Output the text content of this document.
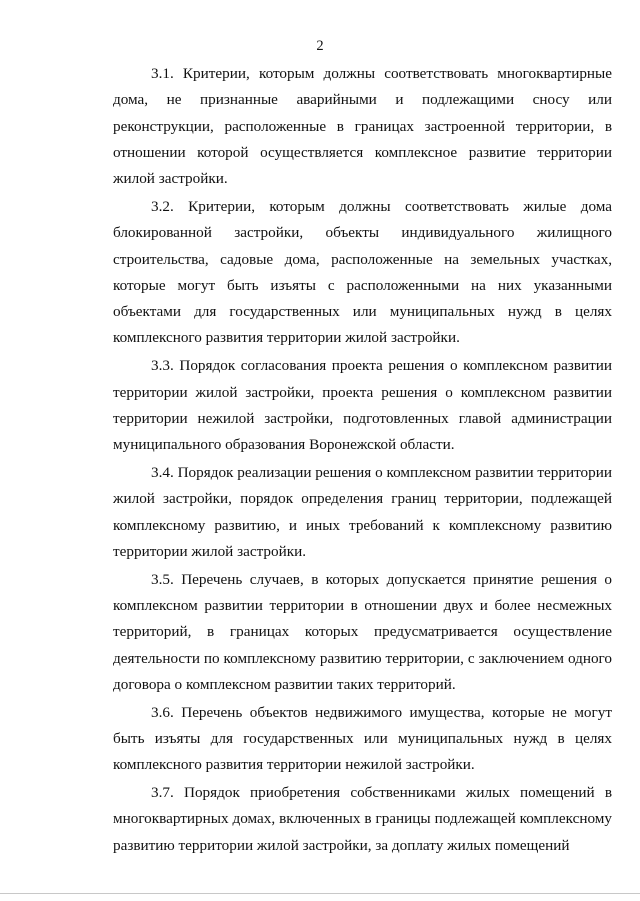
2

3.1. Критерии, которым должны соответствовать многоквартирные дома, не признанные аварийными и подлежащими сносу или реконструкции, расположенные в границах застроенной территории, в отношении которой осуществляется комплексное развитие территории жилой застройки.

3.2. Критерии, которым должны соответствовать жилые дома блокированной застройки, объекты индивидуального жилищного строительства, садовые дома, расположенные на земельных участках, которые могут быть изъяты с расположенными на них указанными объектами для государственных или муниципальных нужд в целях комплексного развития территории жилой застройки.

3.3. Порядок согласования проекта решения о комплексном развитии территории жилой застройки, проекта решения о комплексном развитии территории нежилой застройки, подготовленных главой администрации муниципального образования Воронежской области.

3.4. Порядок реализации решения о комплексном развитии территории жилой застройки, порядок определения границ территории, подлежащей комплексному развитию, и иных требований к комплексному развитию территории жилой застройки.

3.5. Перечень случаев, в которых допускается принятие решения о комплексном развитии территории в отношении двух и более несмежных территорий, в границах которых предусматривается осуществление деятельности по комплексному развитию территории, с заключением одного договора о комплексном развитии таких территорий.

3.6. Перечень объектов недвижимого имущества, которые не могут быть изъяты для государственных или муниципальных нужд в целях комплексного развития территории нежилой застройки.

3.7. Порядок приобретения собственниками жилых помещений в многоквартирных домах, включенных в границы подлежащей комплексному развитию территории жилой застройки, за доплату жилых помещений
